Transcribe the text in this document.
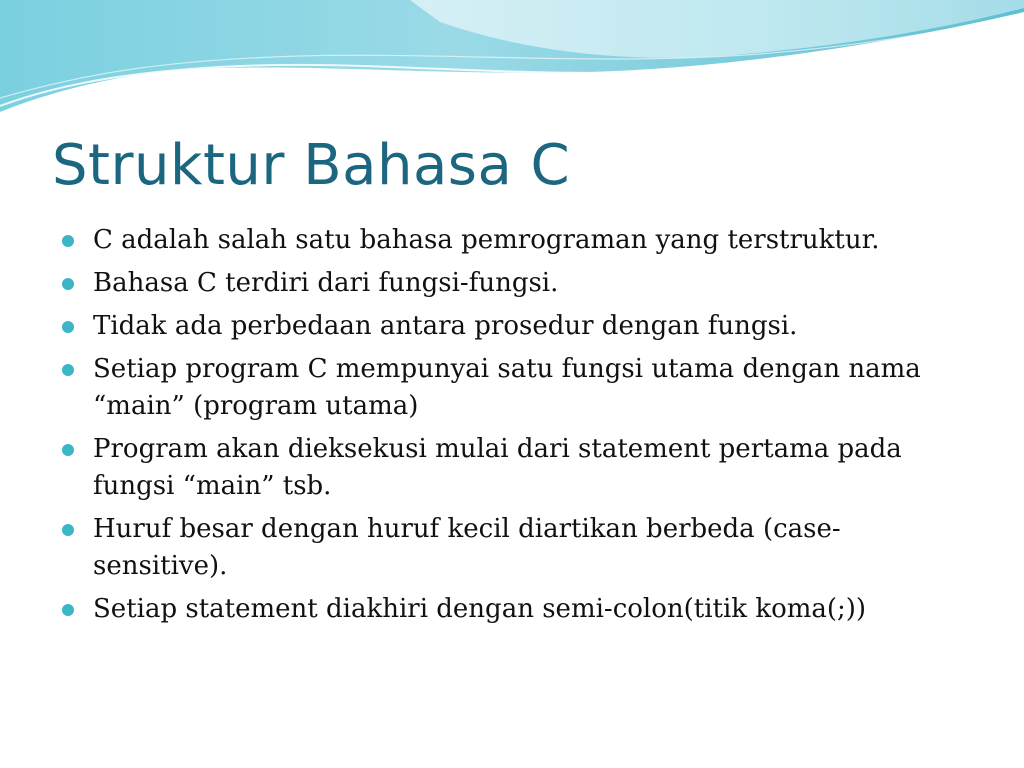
Struktur Bahasa C
C adalah salah satu bahasa pemrograman yang terstruktur.
Bahasa C terdiri dari fungsi-fungsi.
Tidak ada perbedaan antara prosedur dengan fungsi.
Setiap program C mempunyai satu fungsi utama dengan nama “main” (program utama)
Program akan dieksekusi mulai dari statement pertama pada fungsi “main” tsb.
Huruf besar dengan huruf kecil diartikan berbeda (case-sensitive).
Setiap statement diakhiri dengan semi-colon(titik koma(;))
